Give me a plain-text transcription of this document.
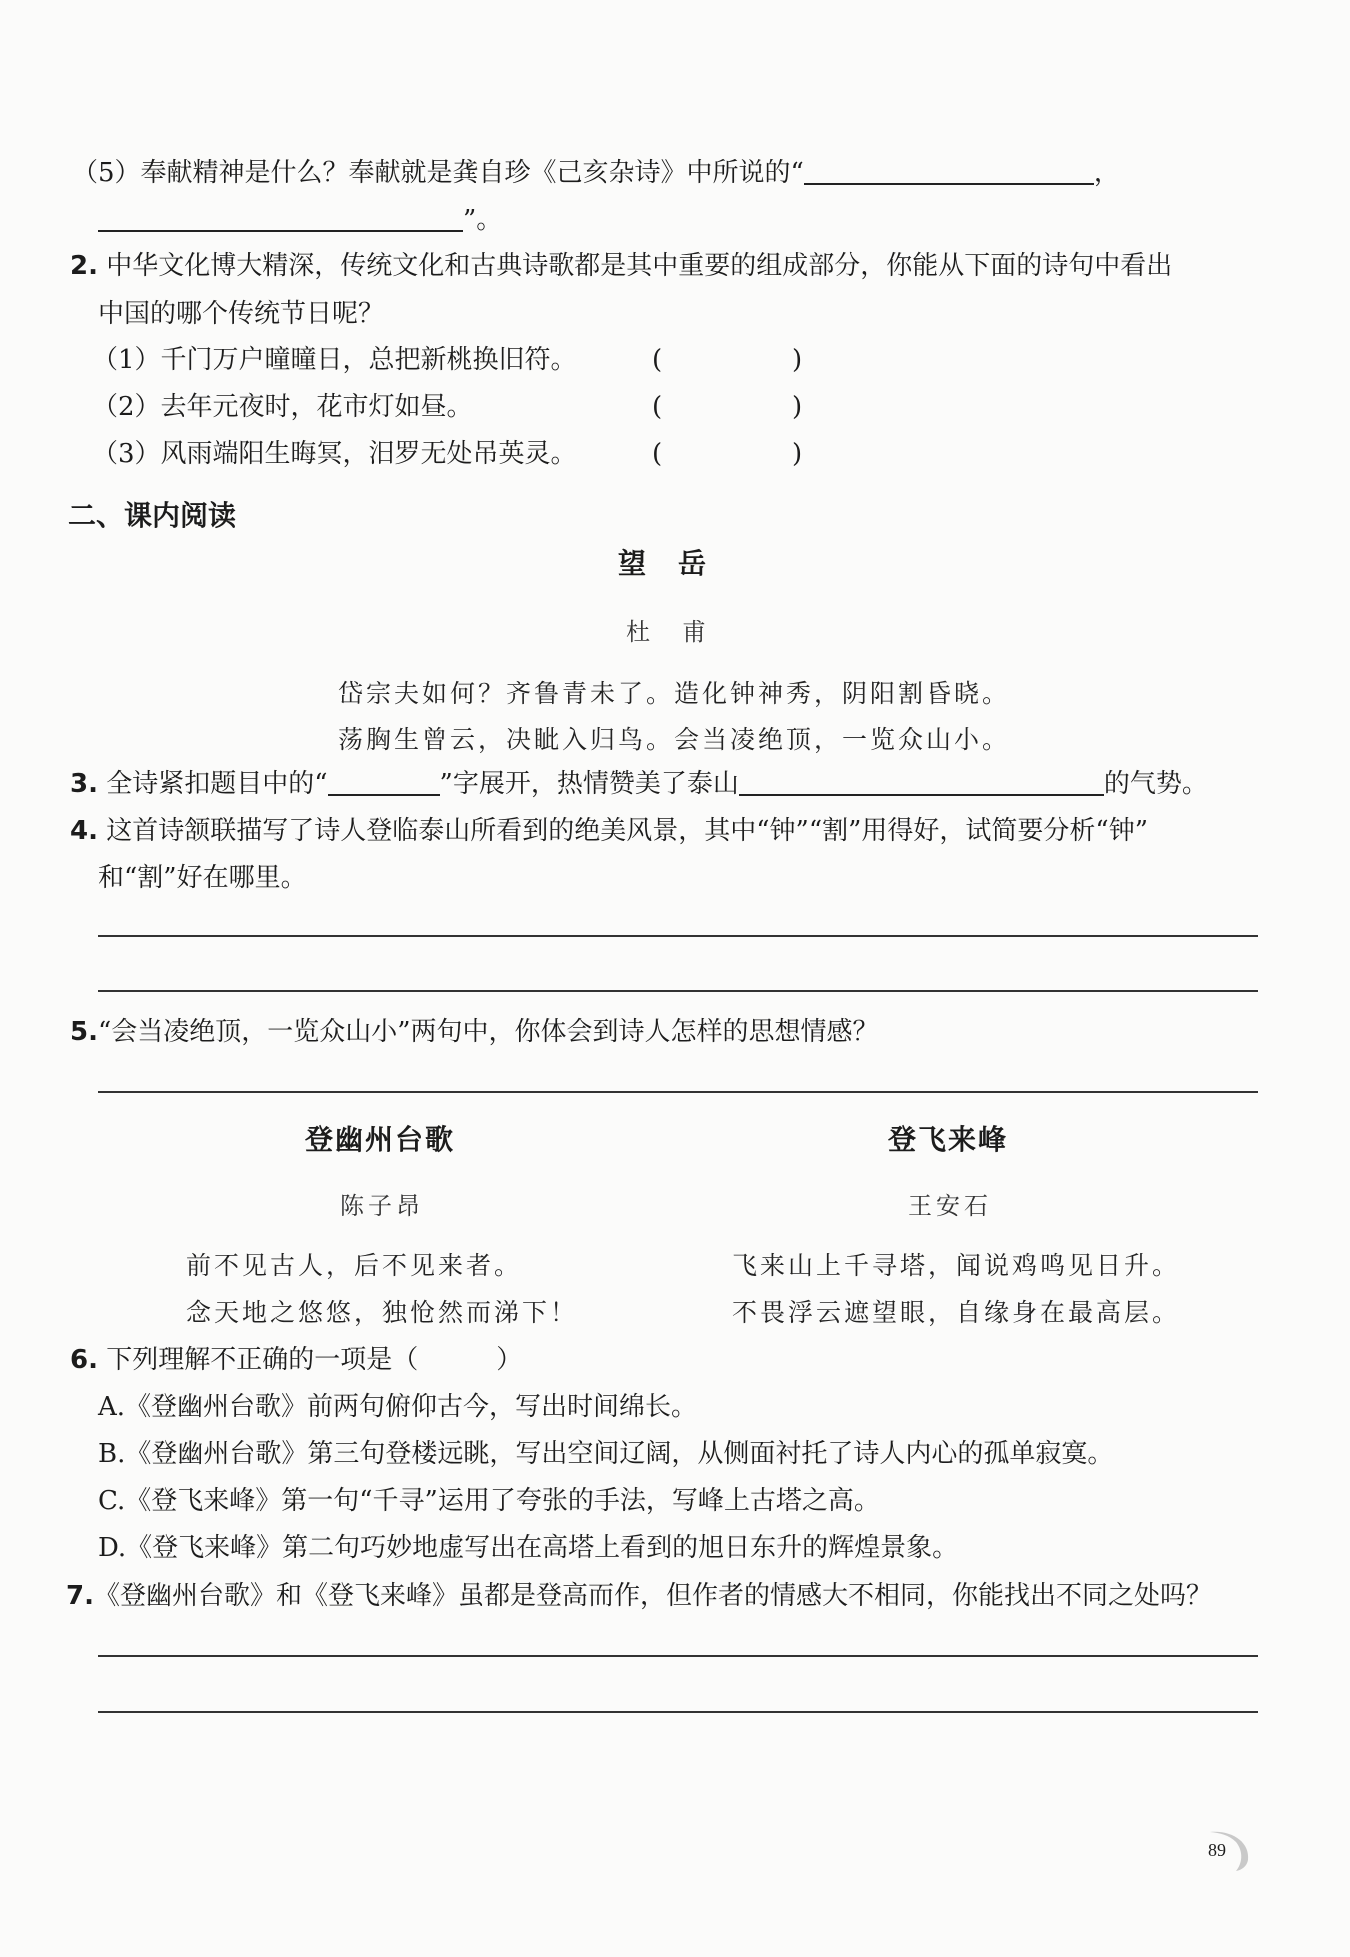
（5）奉献精神是什么？奉献就是龚自珍《己亥杂诗》中所说的“	，
”。
2. 中华文化博大精深，传统文化和古典诗歌都是其中重要的组成部分，你能从下面的诗句中看出
中国的哪个传统节日呢？
（1）千门万户曈曈日，总把新桃换旧符。	(	)
（2）去年元夜时，花市灯如昼。	(	)
（3）风雨端阳生晦冥，汨罗无处吊英灵。	(	)
二、课内阅读
望　岳
杜　甫
岱宗夫如何？齐鲁青未了。造化钟神秀，阴阳割昏晓。
荡胸生曾云，决眦入归鸟。会当凌绝顶，一览众山小。
3. 全诗紧扣题目中的“	”字展开，热情赞美了泰山	的气势。
4. 这首诗颔联描写了诗人登临泰山所看到的绝美风景，其中“钟”“割”用得好，试简要分析“钟”
和“割”好在哪里。
5.“会当凌绝顶，一览众山小”两句中，你体会到诗人怎样的思想情感？
登幽州台歌
陈子昂
前不见古人，后不见来者。
念天地之悠悠，独怆然而涕下！
登飞来峰
王安石
飞来山上千寻塔，闻说鸡鸣见日升。
不畏浮云遮望眼，自缘身在最高层。
6. 下列理解不正确的一项是（　　　）
A.《登幽州台歌》前两句俯仰古今，写出时间绵长。
B.《登幽州台歌》第三句登楼远眺，写出空间辽阔，从侧面衬托了诗人内心的孤单寂寞。
C.《登飞来峰》第一句“千寻”运用了夸张的手法，写峰上古塔之高。
D.《登飞来峰》第二句巧妙地虚写出在高塔上看到的旭日东升的辉煌景象。
7.《登幽州台歌》和《登飞来峰》虽都是登高而作，但作者的情感大不相同，你能找出不同之处吗？
89
